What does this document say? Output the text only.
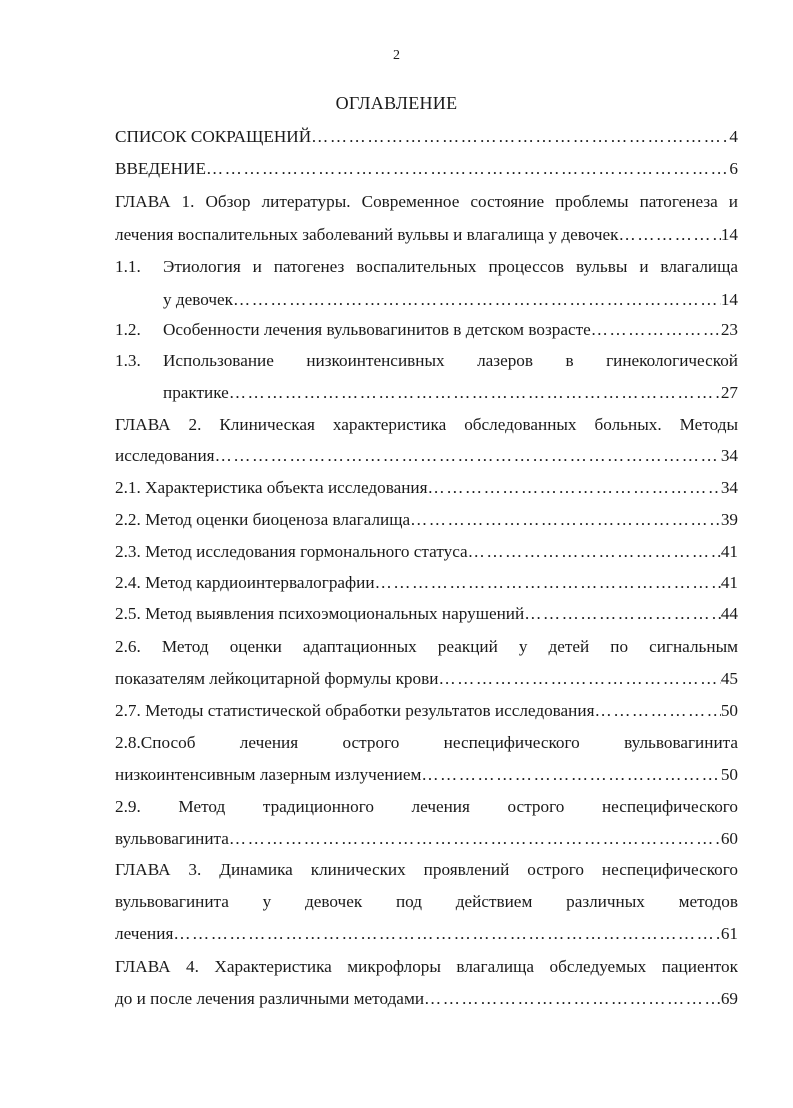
2
ОГЛАВЛЕНИЕ
СПИСОК СОКРАЩЕНИЙ …………………………………………………………………………………………………………………………………………………	4
ВВЕДЕНИЕ …………………………………………………………………………………………………………………………………………………	6
ГЛАВА 1. Обзор литературы. Современное состояние проблемы патогенеза и
лечения воспалительных заболеваний вульвы и влагалища у девочек …………………………………………………………………………………………………………………………………………………	14
1.1.	Этиология и патогенез воспалительных процессов вульвы и влагалища
у девочек …………………………………………………………………………………………………………………………………………………	14
1.2.	Особенности лечения вульвовагинитов в детском возрасте …………………………………………………………………………………………………………………………………………………	23
1.3.	Использование низкоинтенсивных лазеров в гинекологической
практике …………………………………………………………………………………………………………………………………………………	27
ГЛАВА 2. Клиническая характеристика обследованных больных. Методы
исследования …………………………………………………………………………………………………………………………………………………	34
2.1. Характеристика объекта исследования …………………………………………………………………………………………………………………………………………………	34
2.2. Метод оценки биоценоза влагалища …………………………………………………………………………………………………………………………………………………	39
2.3. Метод исследования гормонального статуса …………………………………………………………………………………………………………………………………………………	41
2.4. Метод кардиоинтервалографии …………………………………………………………………………………………………………………………………………………	41
2.5. Метод выявления психоэмоциональных нарушений …………………………………………………………………………………………………………………………………………………	44
2.6. Метод оценки адаптационных реакций у детей по сигнальным
показателям лейкоцитарной формулы крови …………………………………………………………………………………………………………………………………………………	45
2.7. Методы статистической обработки результатов исследования …………………………………………………………………………………………………………………………………………………	50
2.8.Способ лечения острого неспецифического вульвовагинита
низкоинтенсивным лазерным излучением …………………………………………………………………………………………………………………………………………………	50
2.9. Метод традиционного лечения острого неспецифического
вульвовагинита …………………………………………………………………………………………………………………………………………………	60
ГЛАВА 3. Динамика клинических проявлений острого неспецифического
вульвовагинита у девочек под действием различных методов
лечения …………………………………………………………………………………………………………………………………………………	61
ГЛАВА 4. Характеристика микрофлоры влагалища обследуемых пациенток
до и после лечения различными методами …………………………………………………………………………………………………………………………………………………	69
